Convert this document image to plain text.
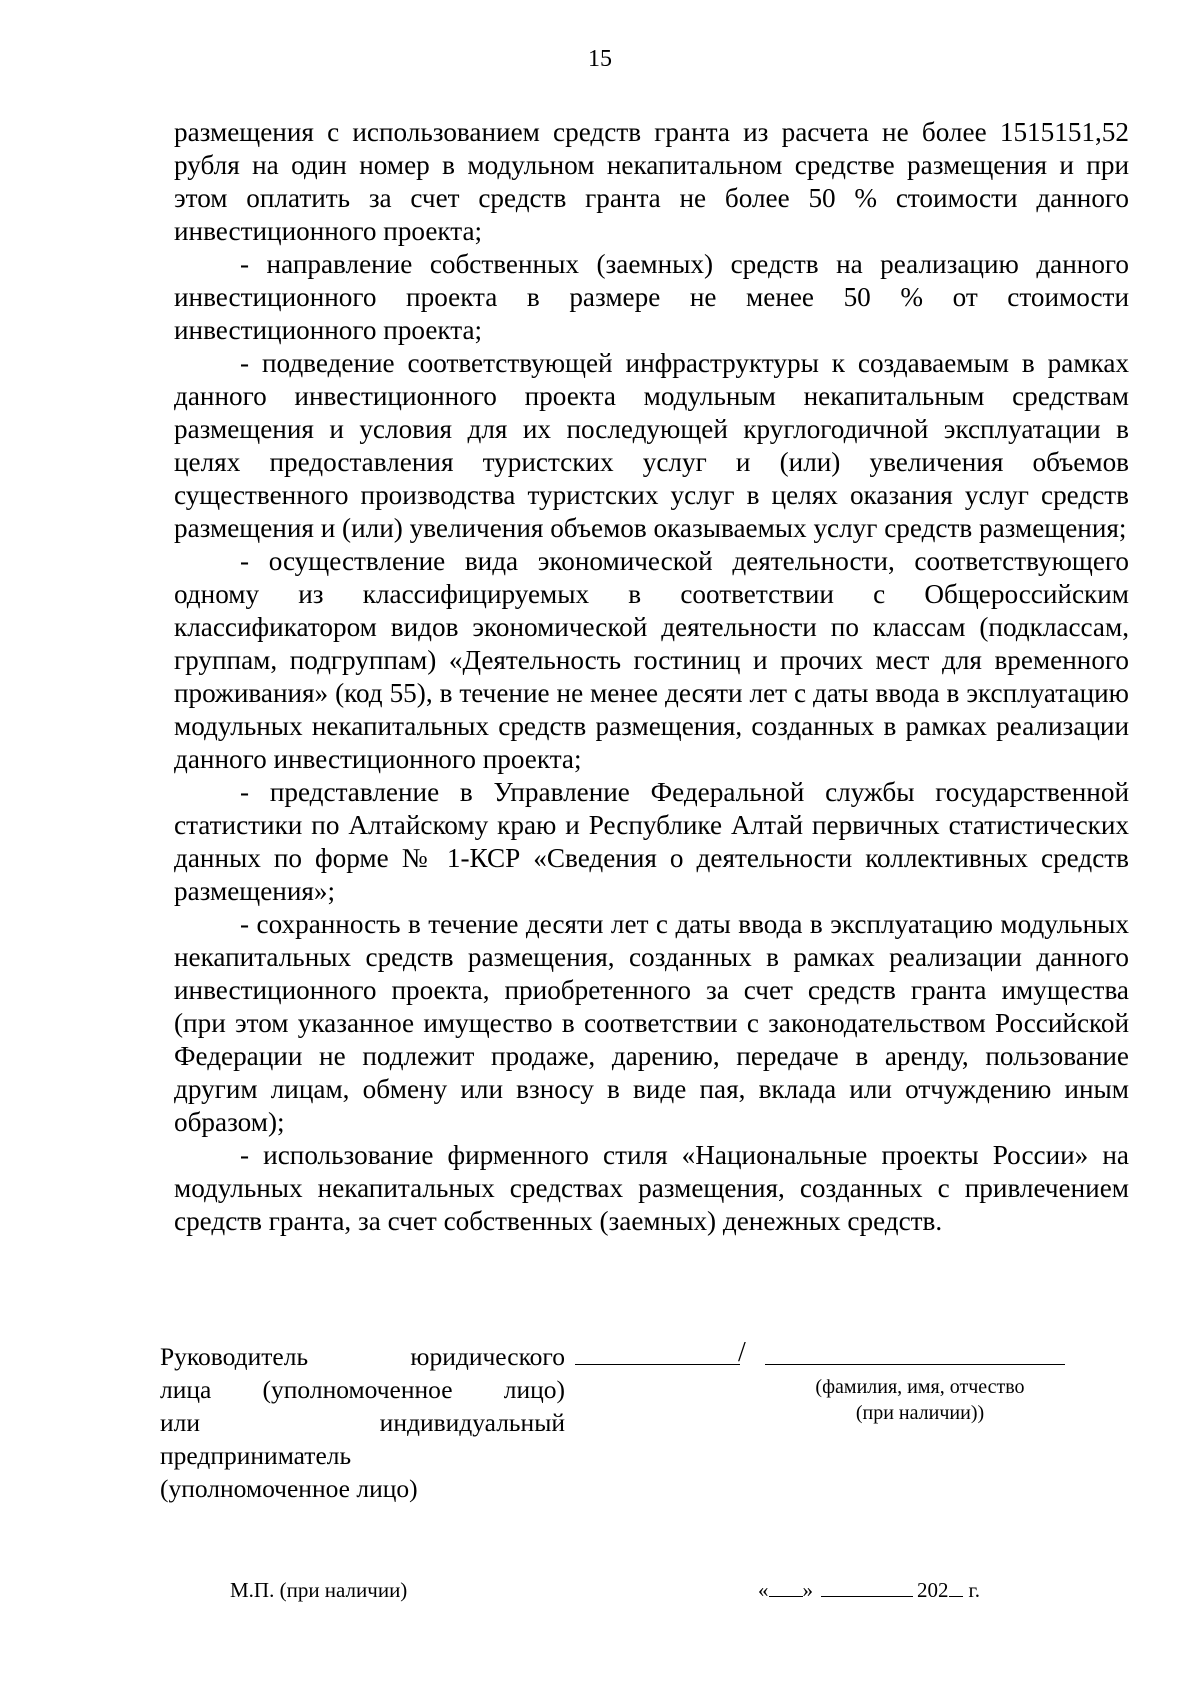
15

размещения с использованием средств гранта из расчета не более 1515151,52 рубля на один номер в модульном некапитальном средстве размещения и при этом оплатить за счет средств гранта не более 50 % стоимости данного инвестиционного проекта;

- направление собственных (заемных) средств на реализацию данного инвестиционного проекта в размере не менее 50 % от стоимости инвестиционного проекта;

- подведение соответствующей инфраструктуры к создаваемым в рамках данного инвестиционного проекта модульным некапитальным средствам размещения и условия для их последующей круглогодичной эксплуатации в целях предоставления туристских услуг и (или) увеличения объемов существенного производства туристских услуг в целях оказания услуг средств размещения и (или) увеличения объемов оказываемых услуг средств размещения;

- осуществление вида экономической деятельности, соответствующего одному из классифицируемых в соответствии с Общероссийским классификатором видов экономической деятельности по классам (подклассам, группам, подгруппам) «Деятельность гостиниц и прочих мест для временного проживания» (код 55), в течение не менее десяти лет с даты ввода в эксплуатацию модульных некапитальных средств размещения, созданных в рамках реализации данного инвестиционного проекта;

- представление в Управление Федеральной службы государственной статистики по Алтайскому краю и Республике Алтай первичных статистических данных по форме № 1-КСР «Сведения о деятельности коллективных средств размещения»;

- сохранность в течение десяти лет с даты ввода в эксплуатацию модульных некапитальных средств размещения, созданных в рамках реализации данного инвестиционного проекта, приобретенного за счет средств гранта имущества (при этом указанное имущество в соответствии с законодательством Российской Федерации не подлежит продаже, дарению, передаче в аренду, пользование другим лицам, обмену или взносу в виде пая, вклада или отчуждению иным образом);

- использование фирменного стиля «Национальные проекты России» на модульных некапитальных средствах размещения, созданных с привлечением средств гранта, за счет собственных (заемных) денежных средств.

Руководитель юридического
лица (уполномоченное лицо)
или индивидуальный
предприниматель
(уполномоченное лицо)
/
(фамилия, имя, отчество
(при наличии))
М.П. (при наличии)	« »	202 г.
